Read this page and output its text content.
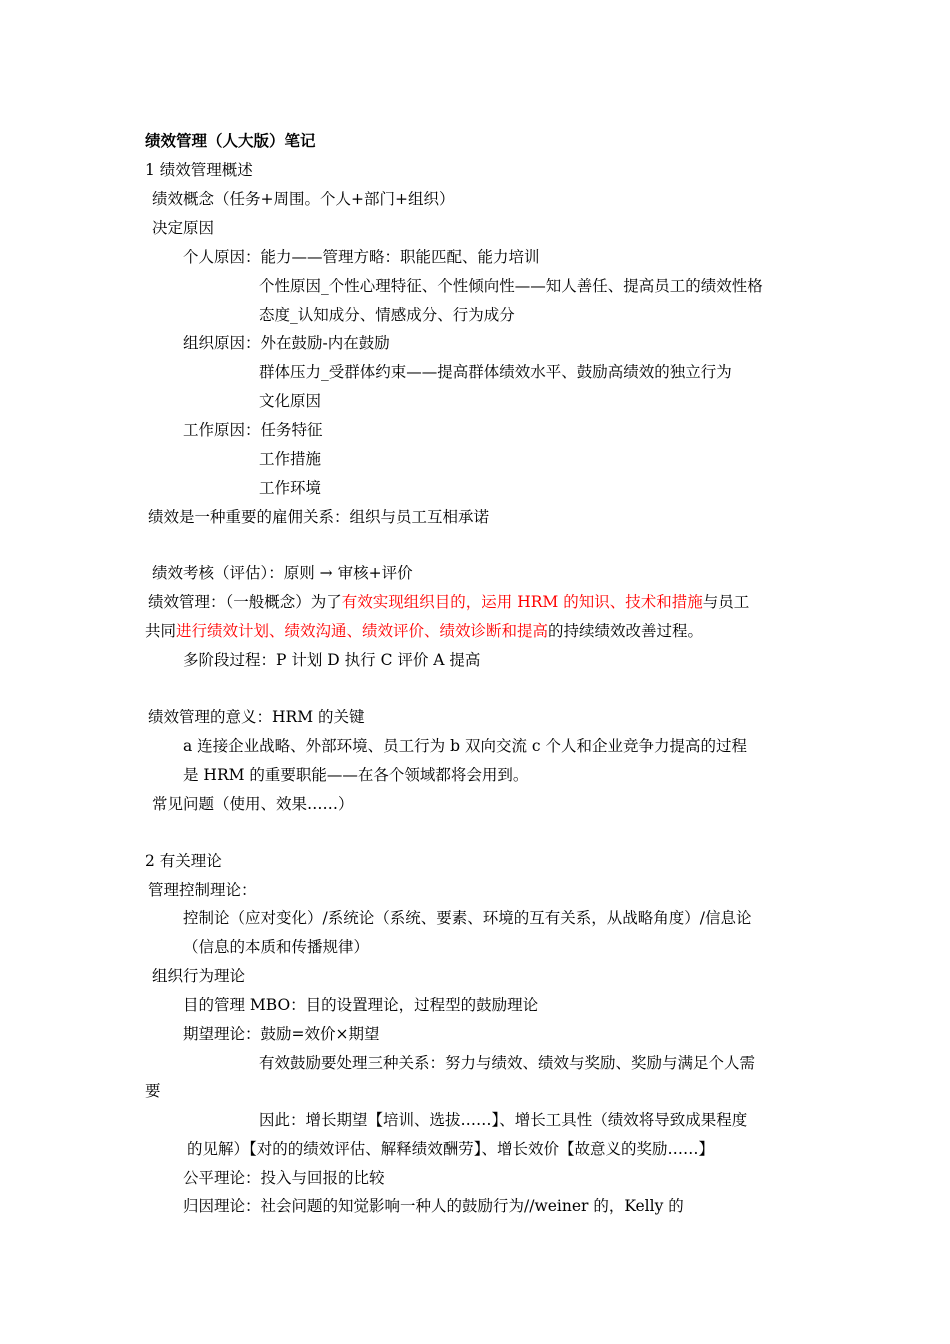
绩效管理（人大版）笔记
1 绩效管理概述
绩效概念（任务+周围。个人+部门+组织）
决定原因
个人原因：能力——管理方略：职能匹配、能力培训
个性原因_个性心理特征、个性倾向性——知人善任、提高员工的绩效性格
态度_认知成分、情感成分、行为成分
组织原因：外在鼓励-内在鼓励
群体压力_受群体约束——提高群体绩效水平、鼓励高绩效的独立行为
文化原因
工作原因：任务特征
工作措施
工作环境
绩效是一种重要的雇佣关系：组织与员工互相承诺
绩效考核（评估）：原则 → 审核+评价
绩效管理：（一般概念）为了有效实现组织目的，运用 HRM 的知识、技术和措施与员工
共同进行绩效计划、绩效沟通、绩效评价、绩效诊断和提高的持续绩效改善过程。
多阶段过程：P 计划 D 执行 C 评价 A 提高
绩效管理的意义：HRM 的关键
a 连接企业战略、外部环境、员工行为 b 双向交流 c 个人和企业竞争力提高的过程
是 HRM 的重要职能——在各个领域都将会用到。
常见问题（使用、效果……）
2 有关理论
管理控制理论：
控制论（应对变化）/系统论（系统、要素、环境的互有关系，从战略角度）/信息论
（信息的本质和传播规律）
组织行为理论
目的管理 MBO：目的设置理论，过程型的鼓励理论
期望理论：鼓励=效价×期望
有效鼓励要处理三种关系：努力与绩效、绩效与奖励、奖励与满足个人需
要
因此：增长期望【培训、选拔……】、增长工具性（绩效将导致成果程度
的见解）【对的的绩效评估、解释绩效酬劳】、增长效价【故意义的奖励……】
公平理论：投入与回报的比较
归因理论：社会问题的知觉影响一种人的鼓励行为//weiner 的，Kelly 的
